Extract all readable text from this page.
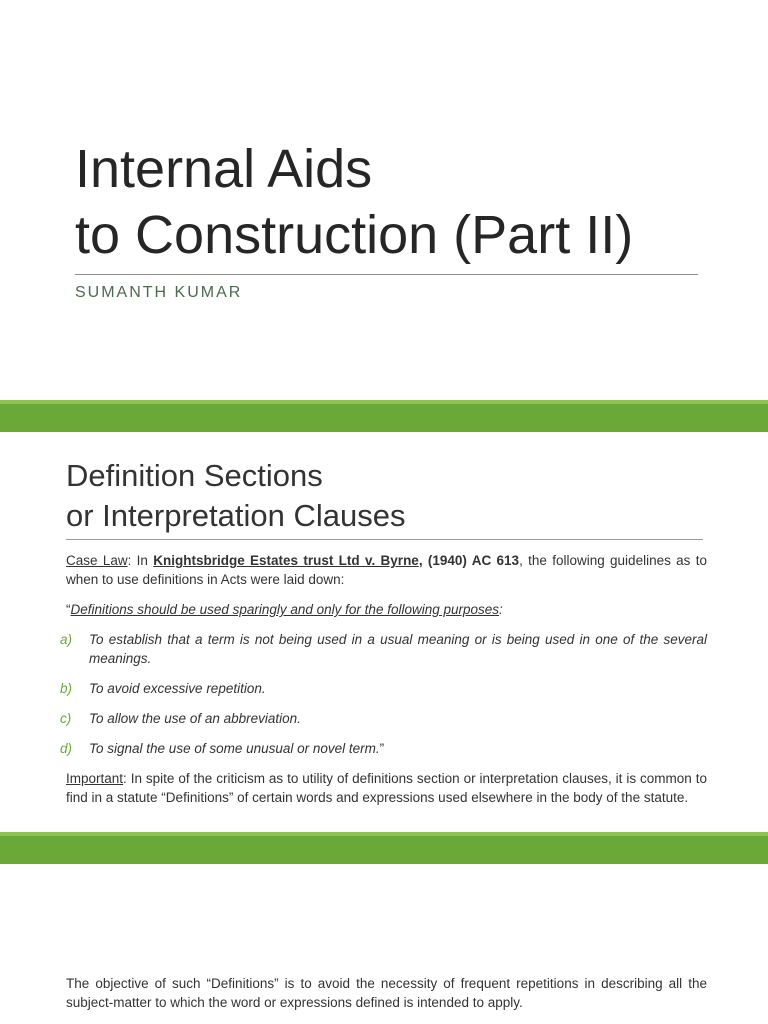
Internal Aids
to Construction (Part II)
SUMANTH KUMAR
Definition Sections
or Interpretation Clauses

Case Law: In Knightsbridge Estates trust Ltd v. Byrne, (1940) AC 613, the following guidelines as to when to use definitions in Acts were laid down:

“Definitions should be used sparingly and only for the following purposes:

a) To establish that a term is not being used in a usual meaning or is being used in one of the several meanings.
b) To avoid excessive repetition.
c) To allow the use of an abbreviation.
d) To signal the use of some unusual or novel term.”

Important: In spite of the criticism as to utility of definitions section or interpretation clauses, it is common to find in a statute “Definitions” of certain words and expressions used elsewhere in the body of the statute.

The objective of such “Definitions” is to avoid the necessity of frequent repetitions in describing all the subject-matter to which the word or expressions defined is intended to apply.
